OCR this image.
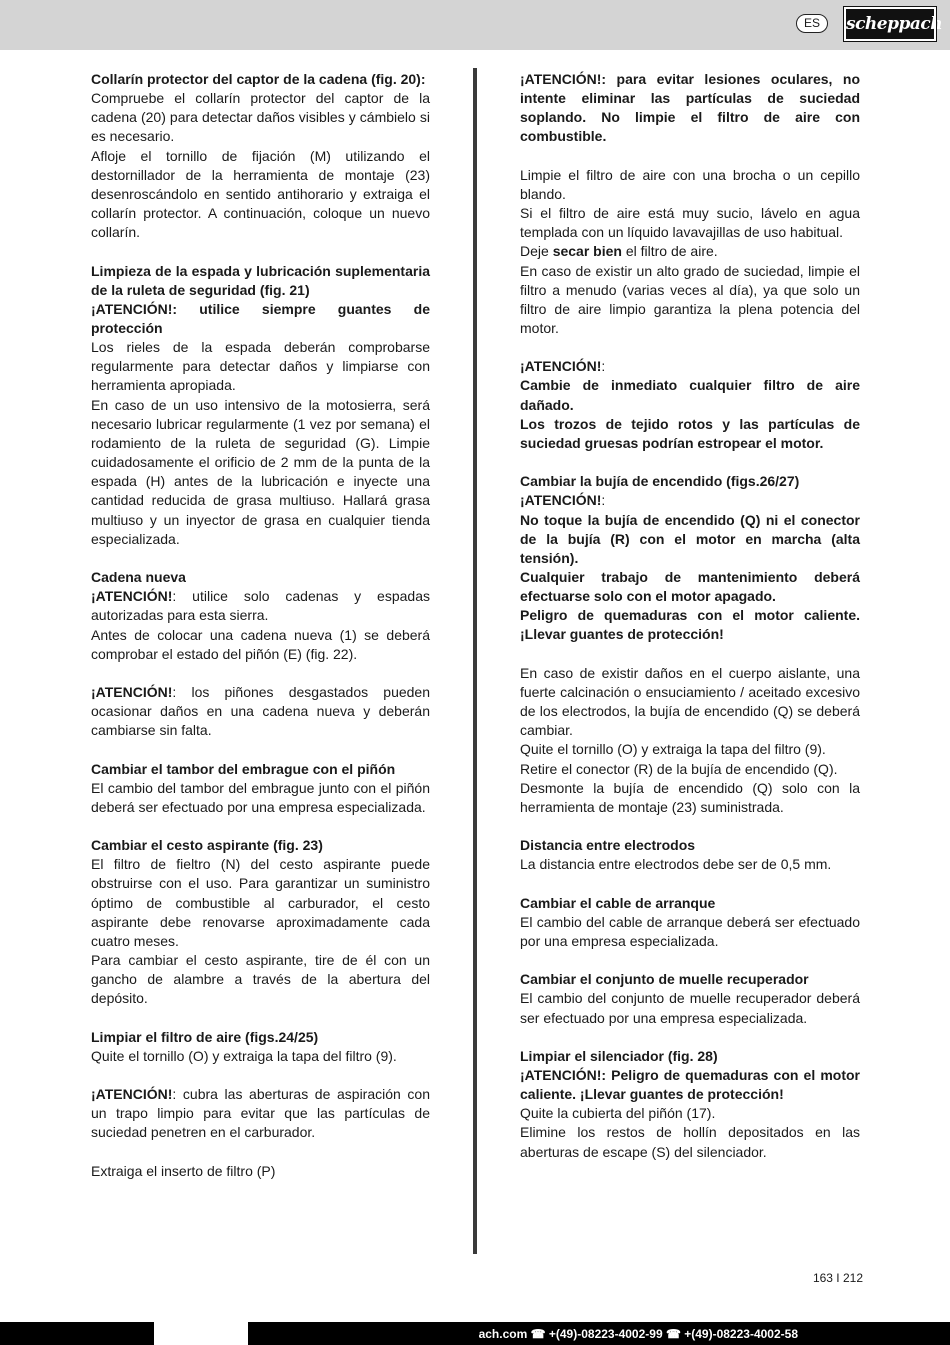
ES	scheppach

Collarín protector del captor de la cadena (fig. 20):

Compruebe el collarín protector del captor de la cadena (20) para detectar daños visibles y cámbielo si es necesario.

Afloje el tornillo de fijación (M) utilizando el destornillador de la herramienta de montaje (23) desenroscándolo en sentido antihorario y extraiga el collarín protector. A continuación, coloque un nuevo collarín.

Limpieza de la espada y lubricación suplementaria de la ruleta de seguridad (fig. 21)

¡ATENCIÓN!: utilice siempre guantes de protección

Los rieles de la espada deberán comprobarse regularmente para detectar daños y limpiarse con herramienta apropiada.

En caso de un uso intensivo de la motosierra, será necesario lubricar regularmente (1 vez por semana) el rodamiento de la ruleta de seguridad (G). Limpie cuidadosamente el orificio de 2 mm de la punta de la espada (H) antes de la lubricación e inyecte una cantidad reducida de grasa multiuso. Hallará grasa multiuso y un inyector de grasa en cualquier tienda especializada.

Cadena nueva

¡ATENCIÓN!: utilice solo cadenas y espadas autorizadas para esta sierra.

Antes de colocar una cadena nueva (1) se deberá comprobar el estado del piñón (E) (fig. 22).

¡ATENCIÓN!: los piñones desgastados pueden ocasionar daños en una cadena nueva y deberán cambiarse sin falta.

Cambiar el tambor del embrague con el piñón

El cambio del tambor del embrague junto con el piñón deberá ser efectuado por una empresa especializada.

Cambiar el cesto aspirante (fig. 23)

El filtro de fieltro (N) del cesto aspirante puede obstruirse con el uso. Para garantizar un suministro óptimo de combustible al carburador, el cesto aspirante debe renovarse aproximadamente cada cuatro meses.

Para cambiar el cesto aspirante, tire de él con un gancho de alambre a través de la abertura del depósito.

Limpiar el filtro de aire (figs.24/25)

Quite el tornillo (O) y extraiga la tapa del filtro (9).

¡ATENCIÓN!: cubra las aberturas de aspiración con un trapo limpio para evitar que las partículas de suciedad penetren en el carburador.

Extraiga el inserto de filtro (P)

¡ATENCIÓN!: para evitar lesiones oculares, no intente eliminar las partículas de suciedad soplando. No limpie el filtro de aire con combustible.

Limpie el filtro de aire con una brocha o un cepillo blando.

Si el filtro de aire está muy sucio, lávelo en agua templada con un líquido lavavajillas de uso habitual.

Deje secar bien el filtro de aire.

En caso de existir un alto grado de suciedad, limpie el filtro a menudo (varias veces al día), ya que solo un filtro de aire limpio garantiza la plena potencia del motor.

¡ATENCIÓN!:

Cambie de inmediato cualquier filtro de aire dañado.

Los trozos de tejido rotos y las partículas de suciedad gruesas podrían estropear el motor.

Cambiar la bujía de encendido (figs.26/27)

¡ATENCIÓN!:

No toque la bujía de encendido (Q) ni el conector de la bujía (R) con el motor en marcha (alta tensión).

Cualquier trabajo de mantenimiento deberá efectuarse solo con el motor apagado.

Peligro de quemaduras con el motor caliente. ¡Llevar guantes de protección!

En caso de existir daños en el cuerpo aislante, una fuerte calcinación o ensuciamiento / aceitado excesivo de los electrodos, la bujía de encendido (Q) se deberá cambiar.

Quite el tornillo (O) y extraiga la tapa del filtro (9).

Retire el conector (R) de la bujía de encendido (Q).

Desmonte la bujía de encendido (Q) solo con la herramienta de montaje (23) suministrada.

Distancia entre electrodos

La distancia entre electrodos debe ser de 0,5 mm.

Cambiar el cable de arranque

El cambio del cable de arranque deberá ser efectuado por una empresa especializada.

Cambiar el conjunto de muelle recuperador

El cambio del conjunto de muelle recuperador deberá ser efectuado por una empresa especializada.

Limpiar el silenciador (fig. 28)

¡ATENCIÓN!: Peligro de quemaduras con el motor caliente. ¡Llevar guantes de protección!

Quite la cubierta del piñón (17).

Elimine los restos de hollín depositados en las aberturas de escape (S) del silenciador.

163 I 212
ach.com ☎ +(49)-08223-4002-99 ☎ +(49)-08223-4002-58
